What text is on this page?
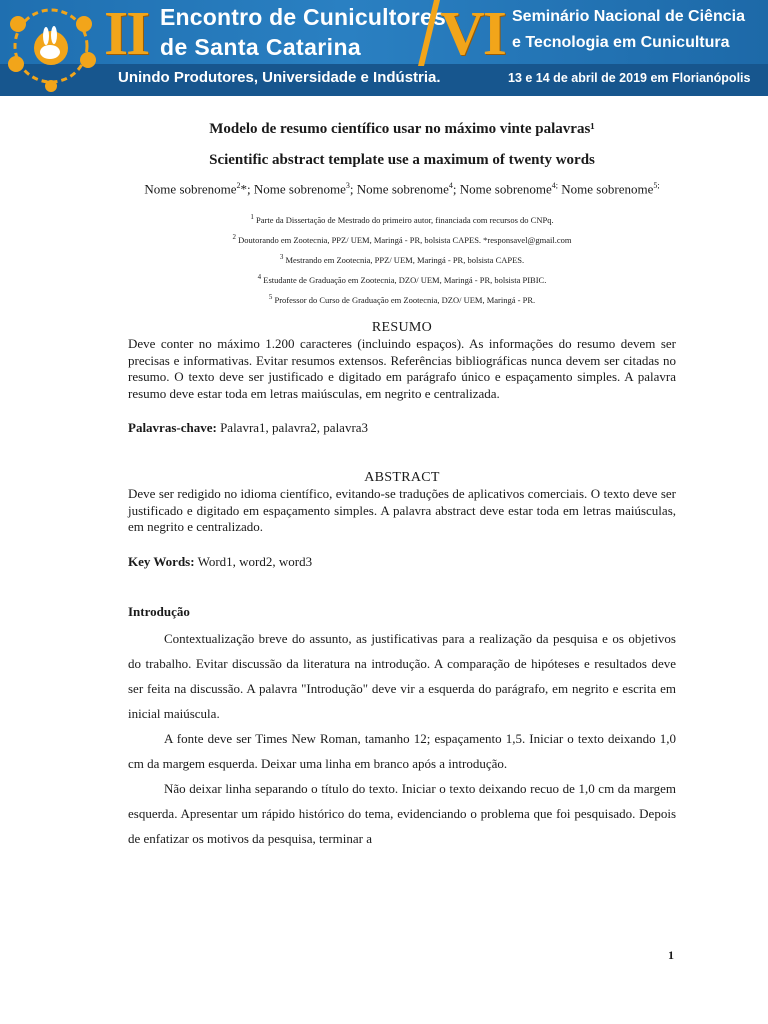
II Encontro de Cunicultores
de Santa Catarina VI Seminário Nacional de Ciência
e Tecnologia em Cunicultura
Unindo Produtores, Universidade e Indústria.	13 e 14 de abril de 2019 em Florianópolis

Modelo de resumo científico usar no máximo vinte palavras¹

Scientific abstract template use a maximum of twenty words

Nome sobrenome$^2$*; Nome sobrenome$^3$; Nome sobrenome$^4$; Nome sobrenome$^{4;}$ Nome sobrenome$^{5;}$
$^1$ Parte da Dissertação de Mestrado do primeiro autor, financiada com recursos do CNPq.
$^2$ Doutorando em Zootecnia, PPZ/ UEM, Maringá - PR, bolsista CAPES. *responsavel@gmail.com
$^3$ Mestrando em Zootecnia, PPZ/ UEM, Maringá - PR, bolsista CAPES.
$^4$ Estudante de Graduação em Zootecnia, DZO/ UEM, Maringá - PR, bolsista PIBIC.
$^5$ Professor do Curso de Graduação em Zootecnia, DZO/ UEM, Maringá - PR.

RESUMO

Deve conter no máximo 1.200 caracteres (incluindo espaços). As informações do resumo devem ser precisas e informativas. Evitar resumos extensos. Referências bibliográficas nunca devem ser citadas no resumo. O texto deve ser justificado e digitado em parágrafo único e espaçamento simples. A palavra resumo deve estar toda em letras maiúsculas, em negrito e centralizada.

Palavras-chave: Palavra1, palavra2, palavra3

ABSTRACT

Deve ser redigido no idioma científico, evitando-se traduções de aplicativos comerciais. O texto deve ser justificado e digitado em espaçamento simples. A palavra abstract deve estar toda em letras maiúsculas, em negrito e centralizado.

Key Words: Word1, word2, word3

Introdução

Contextualização breve do assunto, as justificativas para a realização da pesquisa e os objetivos do trabalho. Evitar discussão da literatura na introdução. A comparação de hipóteses e resultados deve ser feita na discussão. A palavra "Introdução" deve vir a esquerda do parágrafo, em negrito e escrita em inicial maiúscula.

A fonte deve ser Times New Roman, tamanho 12; espaçamento 1,5. Iniciar o texto deixando 1,0 cm da margem esquerda. Deixar uma linha em branco após a introdução.

Não deixar linha separando o título do texto. Iniciar o texto deixando recuo de 1,0 cm da margem esquerda. Apresentar um rápido histórico do tema, evidenciando o problema que foi pesquisado. Depois de enfatizar os motivos da pesquisa, terminar a

1
